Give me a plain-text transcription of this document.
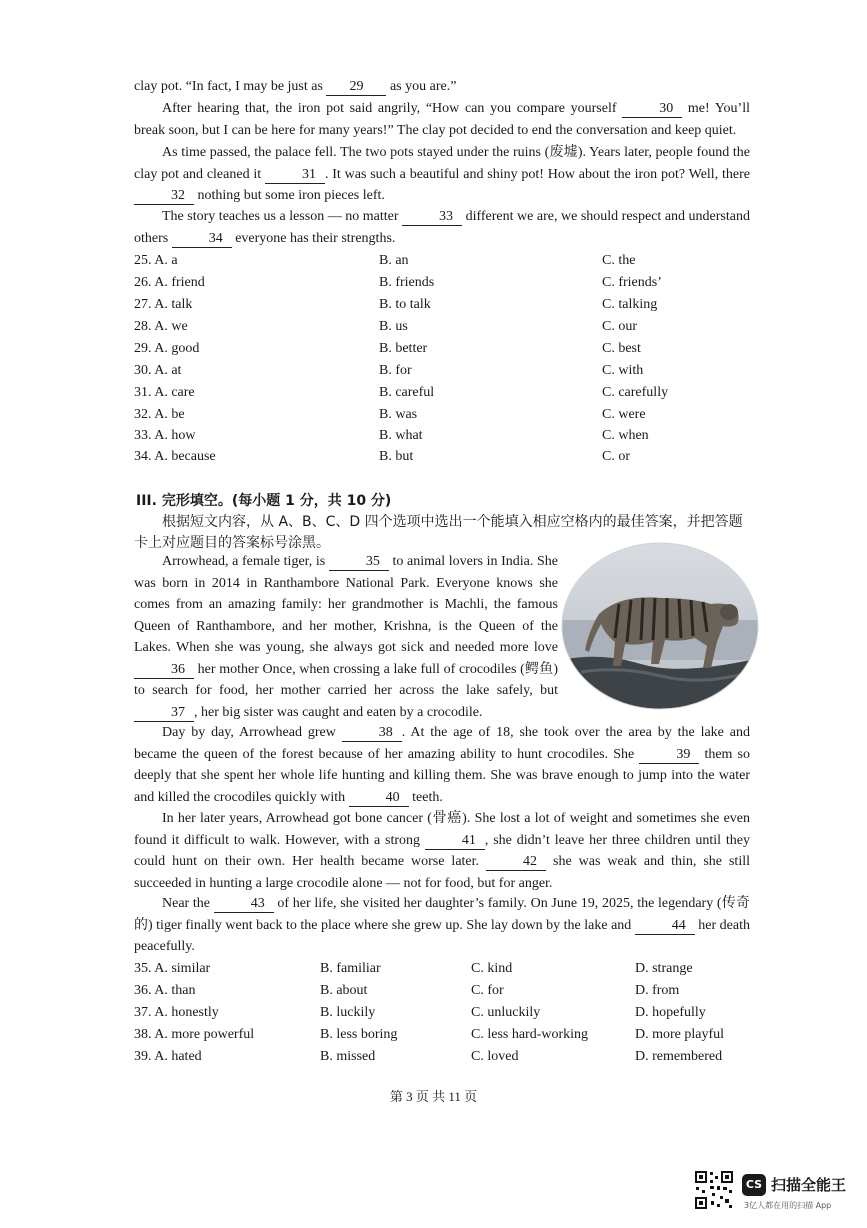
clay pot. “In fact, I may be just as 29 as you are.”
After hearing that, the iron pot said angrily, “How can you compare yourself	30 me! You’ll break soon, but I can be here for many years!” The clay pot decided to end the conversation and keep quiet.
As time passed, the palace fell. The two pots stayed under the ruins (废墟). Years later, people found the clay pot and cleaned it	31 . It was such a beautiful and shiny pot! How about the iron pot? Well, there 32 nothing but some iron pieces left.
The story teaches us a lesson — no matter	33 different we are, we should respect and understand others	34 everyone has their strengths.
25. A. a	B. an	C. the
26. A. friend	B. friends	C. friends’
27. A. talk	B. to talk	C. talking
28. A. we	B. us	C. our
29. A. good	B. better	C. best
30. A. at	B. for	C. with
31. A. care	B. careful	C. carefully
32. A. be	B. was	C. were
33. A. how	B. what	C. when
34. A. because	B. but	C. or
III. 完形填空。(每小题 1 分，共 10 分)
根据短文内容，从 A、B、C、D 四个选项中选出一个能填入相应空格内的最佳答案，并把答题卡上对应题目的答案标号涂黑。
Arrowhead, a female tiger, is	35 to animal lovers in India. She was born in 2014 in Ranthambore National Park. Everyone knows she comes from an amazing family: her grandmother is Machli, the famous Queen of Ranthambore, and her mother, Krishna, is the Queen of the Lakes. When she was young, she always got sick and needed more love 36 her mother Once, when crossing a lake full of crocodiles (鳄鱼) to search for food, her mother carried her across the lake safely, but 37 , her big sister was caught and eaten by a crocodile.
Day by day, Arrowhead grew	38 . At the age of 18, she took over the area by the lake and became the queen of the forest because of her amazing ability to hunt crocodiles. She	39 them so deeply that she spent her whole life hunting and killing them. She was brave enough to jump into the water and killed the crocodiles quickly with	40 teeth.
In her later years, Arrowhead got bone cancer (骨癌). She lost a lot of weight and sometimes she even found it difficult to walk. However, with a strong	41 , she didn’t leave her three children until they could hunt on their own. Her health became worse later.	42 she was weak and thin, she still succeeded in hunting a large crocodile alone — not for food, but for anger.
Near the	43 of her life, she visited her daughter’s family. On June 19, 2025, the legendary (传奇的) tiger finally went back to the place where she grew up. She lay down by the lake and	44 her death peacefully.
35. A. similar	B. familiar	C. kind	D. strange
36. A. than	B. about	C. for	D. from
37. A. honestly	B. luckily	C. unluckily	D. hopefully
38. A. more powerful	B. less boring	C. less hard-working	D. more playful
39. A. hated	B. missed	C. loved	D. remembered
第 3 页 共 11 页
CS 扫描全能王
3亿人都在用的扫描 App
